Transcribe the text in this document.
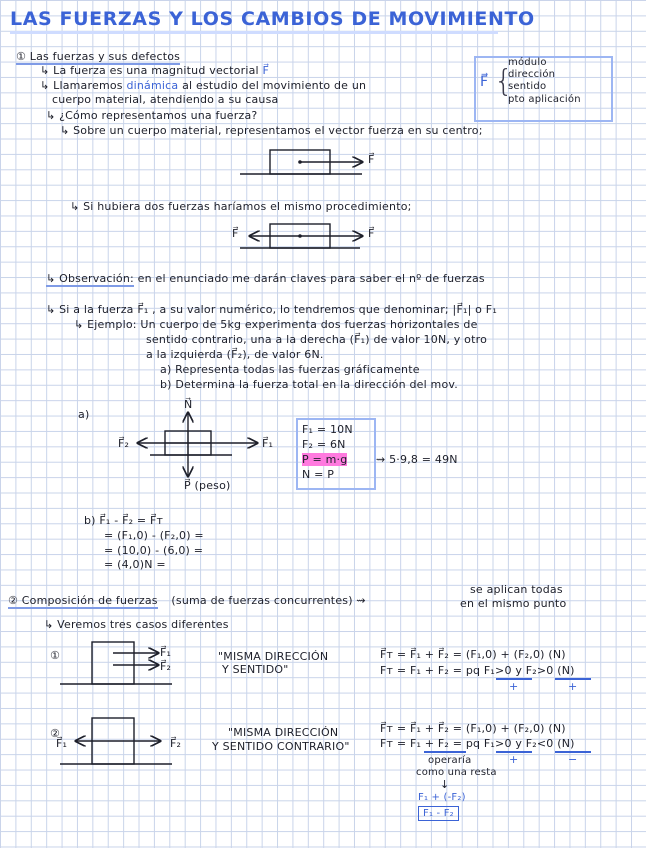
LAS FUERZAS Y LOS CAMBIOS DE MOVIMIENTO
① Las fuerzas y sus defectos
↳ La fuerza es una magnitud vectorial F⃗
↳ Llamaremos dinámica al estudio del movimiento de un
cuerpo material, atendiendo a su causa
↳ ¿Cómo representamos una fuerza?
↳ Sobre un cuerpo material, representamos el vector fuerza en su centro;
F⃗ {
módulo
dirección
sentido
pto aplicación
F⃗
↳ Si hubiera dos fuerzas haríamos el mismo procedimiento;
F⃗	F⃗
↳ Observación: en el enunciado me darán claves para saber el nº de fuerzas
↳ Si a la fuerza F⃗₁ , a su valor numérico, lo tendremos que denominar; |F⃗₁| o F₁
↳ Ejemplo: Un cuerpo de 5kg experimenta dos fuerzas horizontales de
sentido contrario, una a la derecha (F⃗₁) de valor 10N, y otro
a la izquierda (F⃗₂), de valor 6N.
a) Representa todas las fuerzas gráficamente
b) Determina la fuerza total en la dirección del mov.
a)
N⃗
F⃗₂	F⃗₁
P⃗ (peso)
F₁ = 10N
F₂ = 6N
P = m·g
N = P
⇝ 5·9,8 = 49N
b) F⃗₁ - F⃗₂ = F⃗ᴛ
= (F₁,0) - (F₂,0) =
= (10,0) - (6,0) =
= (4,0)N =
② Composición de fuerzas (suma de fuerzas concurrentes) ⇝
se aplican todas
en el mismo punto
↳ Veremos tres casos diferentes
①	F⃗₁
F⃗₂
"MISMA DIRECCIÓN
Y SENTIDO"
F⃗ᴛ = F⃗₁ + F⃗₂ = (F₁,0) + (F₂,0) (N)
Fᴛ = F₁ + F₂ = pq F₁>0 y F₂>0 (N)
+	+
②
F⃗₁	F⃗₂
"MISMA DIRECCIÓN
Y SENTIDO CONTRARIO"
F⃗ᴛ = F⃗₁ + F⃗₂ = (F₁,0) + (F₂,0) (N)
Fᴛ = F₁ + F₂ = pq F₁>0 y F₂<0 (N)
+	−
operaría
como una resta
↓
F₁ + (-F₂)
F₁ - F₂
